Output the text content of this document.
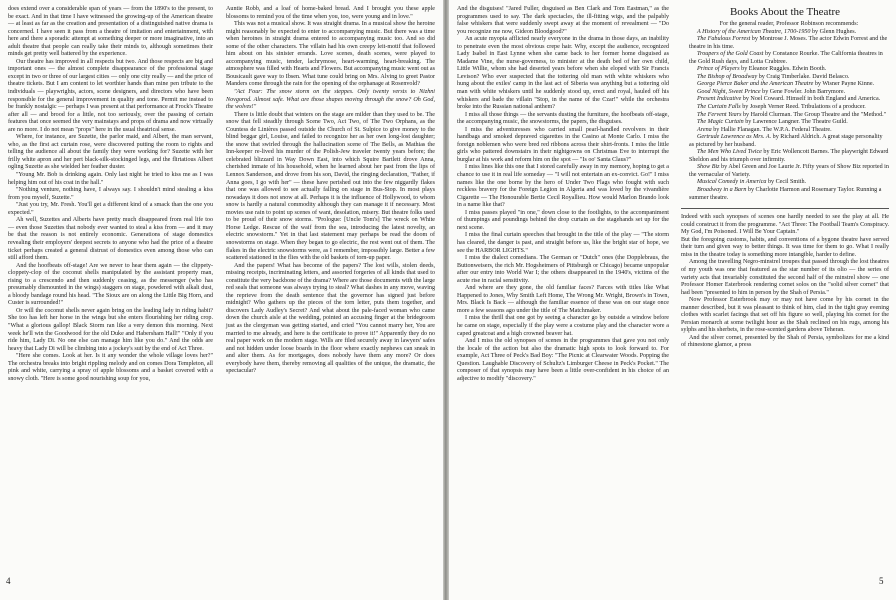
does extend over a considerable span of years — from the 1890's to the present, to be exact. And in that time I have witnessed the growing-up of the American theatre — at least as far as the creation and presentation of a distinguished native drama is concerned. I have seen it pass from a theatre of imitation and entertainment, with here and there a sporadic attempt at something deeper or more imaginative, into an adult theatre that people can really take their minds to, although sometimes their minds get pretty well battered by the experience.

Our theatre has improved in all respects but two. And those respects are big and important ones — the almost complete disappearance of the professional stage except in two or three of our largest cities — only one city really — and the price of theatre tickets. But I am content to let worthier hands than mine pen tribute to the individuals — playwrights, actors, scene designers, and directors who have been responsible for the general improvement in quality and tone. Permit me instead to be frankly nostalgic — perhaps I was present at that performance at Frock's Theatre after all — and brood for a little, not too seriously, over the passing of certain features that once seemed the very mainstays and props of drama and now virtually are no more. I do not mean "props" here in the usual theatrical sense.

Where, for instance, are Suzette, the parlor maid, and Albert, the man servant, who, as the first act curtain rose, were discovered putting the room to rights and telling the audience all about the family they were working for? Suzette with her frilly white apron and her pert black-silk-stockinged legs, and the flirtatious Albert ogling Suzette as she wielded her feather duster.

"Young Mr. Bob is drinking again. Only last night he tried to kiss me as I was helping him out of his coat in the hall."

"Nothing venture, nothing have, I always say. I shouldn't mind stealing a kiss from you myself, Suzette."

"Just you try, Mr. Fresh. You'll get a different kind of a smack than the one you expected."

Ah well, Suzettes and Alberts have pretty much disappeared from real life too — even those Suzettes that nobody ever wanted to steal a kiss from — and it may be that the reason is not entirely economic. Generations of stage domestics revealing their employers' deepest secrets to anyone who had the price of a theatre ticket perhaps created a general distrust of domestics even among those who can still afford them.

And the hoofbeats off-stage! Are we never to hear them again — the clippety-cloppety-clop of the coconut shells manipulated by the assistant property man, rising to a crescendo and then suddenly ceasing, as the messenger (who has presumably dismounted in the wings) staggers on stage, powdered with alkali dust, a bloody bandage round his head. "The Sioux are on along the Little Big Horn, and Custer is surrounded!"

Or will the coconut shells never again bring on the leading lady in riding habit? She too has left her horse in the wings but she enters flourishing her riding crop. "What a glorious gallop! Black Storm ran like a very demon this morning. Next week he'll win the Goodwood for the old Duke and Habersham Hall!" "Only if you ride him, Lady Di. No one else can manage him like you do." And the odds are heavy that Lady Di will be climbing into a jockey's suit by the end of Act Three.

"Here she comes. Look at her. Is it any wonder the whole village loves her?" The orchestra breaks into bright rippling melody and on comes Dora Templeton, all pink and white, carrying a spray of apple blossoms and a basket covered with a snowy cloth. "Here is some good nourishing soup for you,

Auntie Robb, and a loaf of home-baked bread. And I brought you these apple blossoms to remind you of the time when you, too, were young and in love."

This was not a musical show. It was straight drama. In a musical show the heroine might reasonably be expected to enter to accompanying music. But there was a time when heroines in straight drama entered to accompanying music too. And so did some of the other characters. The villain had his own creepy leit-motif that followed him about on his sinister errands. Love scenes, death scenes, were played to accompanying music, tender, lachrymose, heart-warming, heart-breaking. The atmosphere was filled with Hearts and Flowers. But accompanying music went out as Bousicault gave way to Ibsen. What tune could bring on Mrs. Alving to greet Pastor Manders come through the rain for the opening of the orphanage at Rosenvold?

"Act Four: The snow storm on the steppes. Only twenty versts to Nizhni Novgorod. Almost safe. What are those shapes moving through the snow? Oh God, the wolves!"

There is little doubt that winters on the stage are milder than they used to be. The snow that fell steadily through Scene Two, Act Two, of The Two Orphans, as the Countess de Linières passed outside the Church of St. Sulpice to give money to the blind beggar girl, Louise, and failed to recognize her as her own long-lost daughter; the snow that swirled through the hallucination scene of The Bells, as Mathias the Inn-keeper re-lived his murder of the Polish-Jew traveler twenty years before; the celebrated blizzard in Way Down East, into which Squire Bartlett drove Anna, cherished inmate of his household, when he learned about her past from the lips of Lennox Sanderson, and drove from his son, David, the ringing declaration, "Father, if Anna goes, I go with her" — these have perished out into the few niggardly flakes that one was allowed to see actually falling on stage in Bus-Stop. In most plays nowadays it does not snow at all. Perhaps it is the influence of Hollywood, to whom snow is hardly a natural commodity although they can manage it if necessary. Most movies use rain to point up scenes of want, desolation, misery. But theatre folks used to be proud of their snow storms. "Prologue: [Uncle Tom's] The wreck on White Horse Ledge. Rescue of the waif from the sea, introducing the latest novelty, an electric snowstorm." Yet in that last statement may perhaps be read the doom of snowstorms on stage. When they began to go electric, the rest went out of them. The flakes in the electric snowstorms were, as I remember, impossibly large. Better a few scattered stationed in the flies with the old baskets of torn-up paper.

And the papers! What has become of the papers? The lost wills, stolen deeds, missing receipts, incriminating letters, and assorted forgeries of all kinds that used to constitute the very backbone of the drama? Where are those documents with the large red seals that someone was always trying to steal? What dashes in any move, waving the reprieve from the death sentence that the governor has signed just before midnight? Who gathers up the pieces of the torn letter, puts them together, and discovers Lady Audley's Secret? And what about the pale-faced woman who came down the church aisle at the wedding, pointed an accusing finger at the bridegroom just as the clergyman was getting started, and cried "You cannot marry her, You are married to me already, and here is the certificate to prove it!" Apparently they do no real paper work on the modern stage. Wills are filed securely away in lawyers' safes and not hidden under loose boards in the floor where exactly nephews can sneak in and alter them. As for mortgages, does nobody have them any more? Or does everybody have them, thereby removing all qualities of the unique, the dramatic, the spectacular?

4

And the disguises! "Jared Fuller, disguised as Ben Clark and Tom Eastman," as the programmes used to say. The dark spectacles, the ill-fitting wigs, and the palpably false whiskers that were suddenly swept away at the moment of revealment — "Do you recognize me now, Gideon Bloodgood?"

An acute myopia afflicted nearly everyone in the drama in those days, an inability to penetrate even the most obvious crepe hair. Why, except the audience, recognized Lady Isabel in East Lynne when she came back to her former home disguised as Madame Vine, the nurse-governess, to minister at the death bed of her own child, Little Willie, whom she had deserted years before when she eloped with Sir Francis Levison? Who ever suspected that the tottering old man with white whiskers who hung about the exiles' camp in the last act of Siberia was anything but a tottering old man with white whiskers until he suddenly stood up, erect and royal, hauled off his whiskers and bade the villain "Stop, in the name of the Czar!" while the orchestra broke into the Russian national anthem?

I miss all those things — the servants dusting the furniture, the hoofbeats off-stage, the accompanying music, the snowstorms, the papers, the disguises.

I miss the adventuresses who carried small pearl-handled revolvers in their handbags and smoked depraved cigarettes in the Casino at Monte Carlo. I miss the foreign noblemen who were bred red ribbons across their shirt-fronts. I miss the little girls who pattered downstairs in their nightgowns on Christmas Eve to interrupt the burglar at his work and reform him on the spot — "Is oo' Santa Claus?"

I miss lines like this one that I stored carefully away in my memory, hoping to get a chance to use it in real life someday — "I will not entertain an ex-convict. Go!" I miss names like the one borne by the hero of Under Two Flags who fought with such reckless bravery for the Foreign Legion in Algeria and was loved by the vivandière Cigarette — The Honourable Bertie Cecil Royallieu. How would Marlon Brando look in a name like that?

I miss passes played "in one," down close to the footlights, to the accompaniment of thumpings and poundings behind the drop curtain as the stagehands set up for the next scene.

I miss the final curtain speeches that brought in the title of the play — "The storm has cleared, the danger is past, and straight before us, like the bright star of hope, we see the HARBOR LIGHTS."

I miss the dialect comedians. The German or "Dutch" ones (the Dopplebraus, the Buttonweisers, the rich Mr. Hogsheimers of Pittsburgh or Chicago) became unpopular after our entry into World War I; the others disappeared in the 1940's, victims of the acute rise in racial sensitivity.

And where are they gone, the old familiar faces? Farces with titles like What Happened to Jones, Why Smith Left Home, The Wrong Mr. Wright, Brown's in Town, Mrs. Black Is Back — although the familiar essence of these was on our stage once more a few seasons ago under the title of The Matchmaker.

I miss the thrill that one got by seeing a character go by outside a window before he came on stage, especially if the play were a costume play and the character wore a caped greatcoat and a high crowned beaver hat.

And I miss the old synopses of scenes in the programmes that gave you not only the locale of the action but also the dramatic high spots to look forward to. For example, Act Three of Peck's Bad Boy: "The Picnic at Clearwater Woods. Popping the Question. Laughable Discovery of Schultz's Limburger Cheese in Peck's Pocket." The composer of that synopsis may have been a little over-confident in his choice of an adjective to modify "discovery."

Books About the Theatre

For the general reader, Professor Robinson recommends:

A History of the American Theatre, 1700-1950 by Glenn Hughes.

The Fabulous Forrest by Montrose J. Moses. The actor Edwin Forrest and the theatre in his time.

Troupers of the Gold Coast by Constance Rourke. The California theatres in the Gold Rush days, and Lotta Crabtree.

Prince of Players by Eleanor Ruggles. Edwin Booth.

The Bishop of Broadway by Craig Timberlake. David Belasco.

George Pierce Baker and the American Theatre by Wisner Payne Kinne.

Good Night, Sweet Prince by Gene Fowler. John Barrymore.

Present Indicative by Noel Coward. Himself in both England and America.

The Curtain Falls by Joseph Verner Reed. Tribulations of a producer.

The Fervent Years by Harold Clurman. The Group Theatre and the "Method."

The Magic Curtain by Lawrence Langner. The Theatre Guild.

Arena by Hallie Flanagan. The W.P.A. Federal Theatre.

Gertrude Lawrence as Mrs. A. by Richard Aldrich. A great stage personality as pictured by her husband.

The Men Who Lived Twice by Eric Wollencott Barnes. The playwright Edward Sheldon and his triumph over infirmity.

Show Biz by Abel Green and Joe Laurie Jr. Fifty years of Show Biz reported in the vernacular of Variety.

Musical Comedy in America by Cecil Smith.

Broadway in a Barn by Charlotte Harmon and Rosemary Taylor. Running a summer theatre.

Indeed with such synopses of scenes one hardly needed to see the play at all. He could construct it from the programme. "Act Three: The Football Team's Conspiracy. My God, I'm Poisoned. I Will Be Your Captain."

But the foregoing customs, habits, and conventions of a bygone theatre have served their turn and given way to better things. It was time for them to go. What I really miss in the theatre today is something more intangible, harder to define.

Among the travelling Negro-minstrel troupes that passed through the lost theatres of my youth was one that featured as the star number of its olio — the series of variety acts that invariably constituted the second half of the minstrel show — one Professor Homer Esterbrook rendering cornet solos on the "solid silver cornet" that had been "presented to him in person by the Shah of Persia."

Now Professor Esterbrook may or may not have come by his cornet in the manner described, but it was pleasant to think of him, clad in the tight gray evening clothes with scarlet facings that set off his figure so well, playing his cornet for the Persian monarch at some twilight hour as the Shah reclined on his rugs, among his sylphs and his sherbets, in the rose-scented gardens above Teheran.

And the silver cornet, presented by the Shah of Persia, symbolizes for me a kind of rhinestone glamor, a press

5
